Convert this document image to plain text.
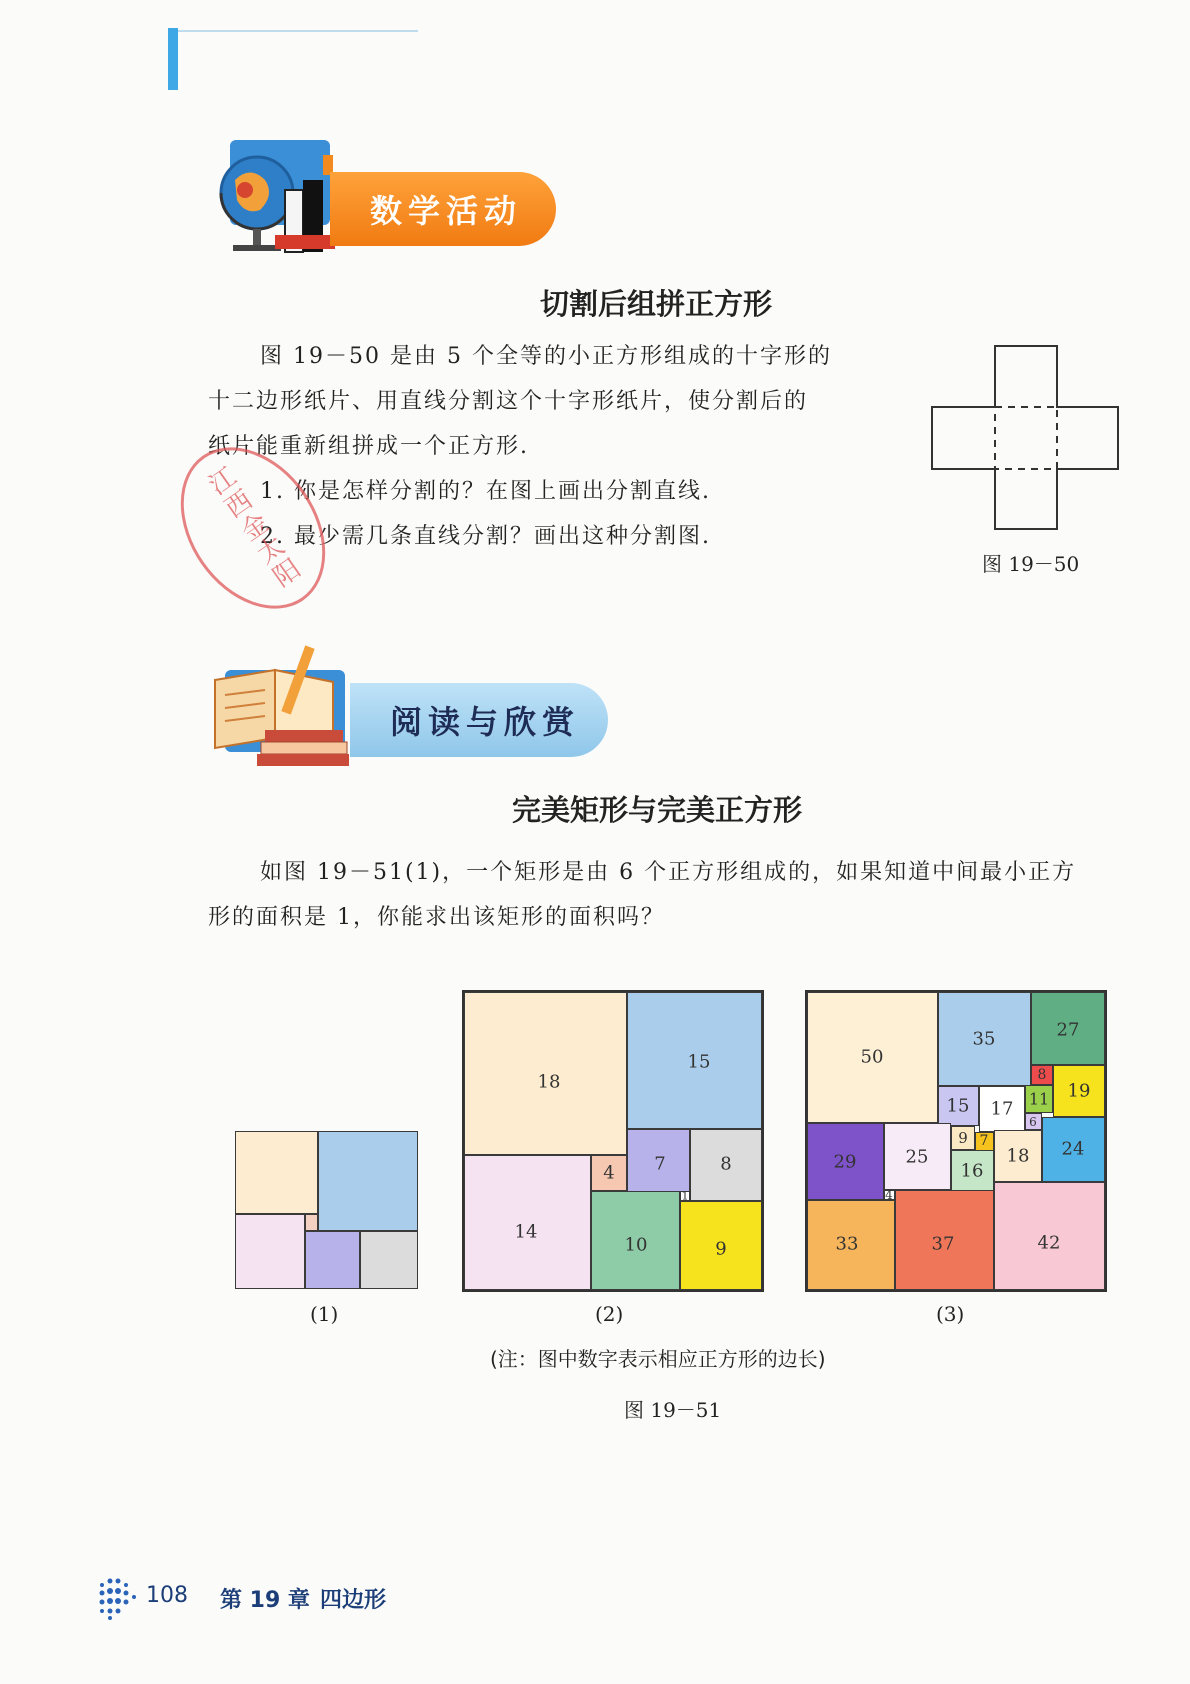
数学活动
切割后组拼正方形
图 19－50 是由 5 个全等的小正方形组成的十字形的
十二边形纸片、用直线分割这个十字形纸片，使分割后的
纸片能重新组拼成一个正方形.
1. 你是怎样分割的？在图上画出分割直线.
2. 最少需几条直线分割？画出这种分割图.
图 19－50
江西金太阳
阅读与欣赏
完美矩形与完美正方形
如图 19－51(1)，一个矩形是由 6 个正方形组成的，如果知道中间最小正方
形的面积是 1，你能求出该矩形的面积吗？
18
15
14
4 7	8
1
10	9
50
35	27
8
19
15 17 11
6
24
29	25
9 7
16
18
4
33	37	42
(1)	(2)	(3)
(注：图中数字表示相应正方形的边长)
图 19－51
108 第 19 章 四边形
